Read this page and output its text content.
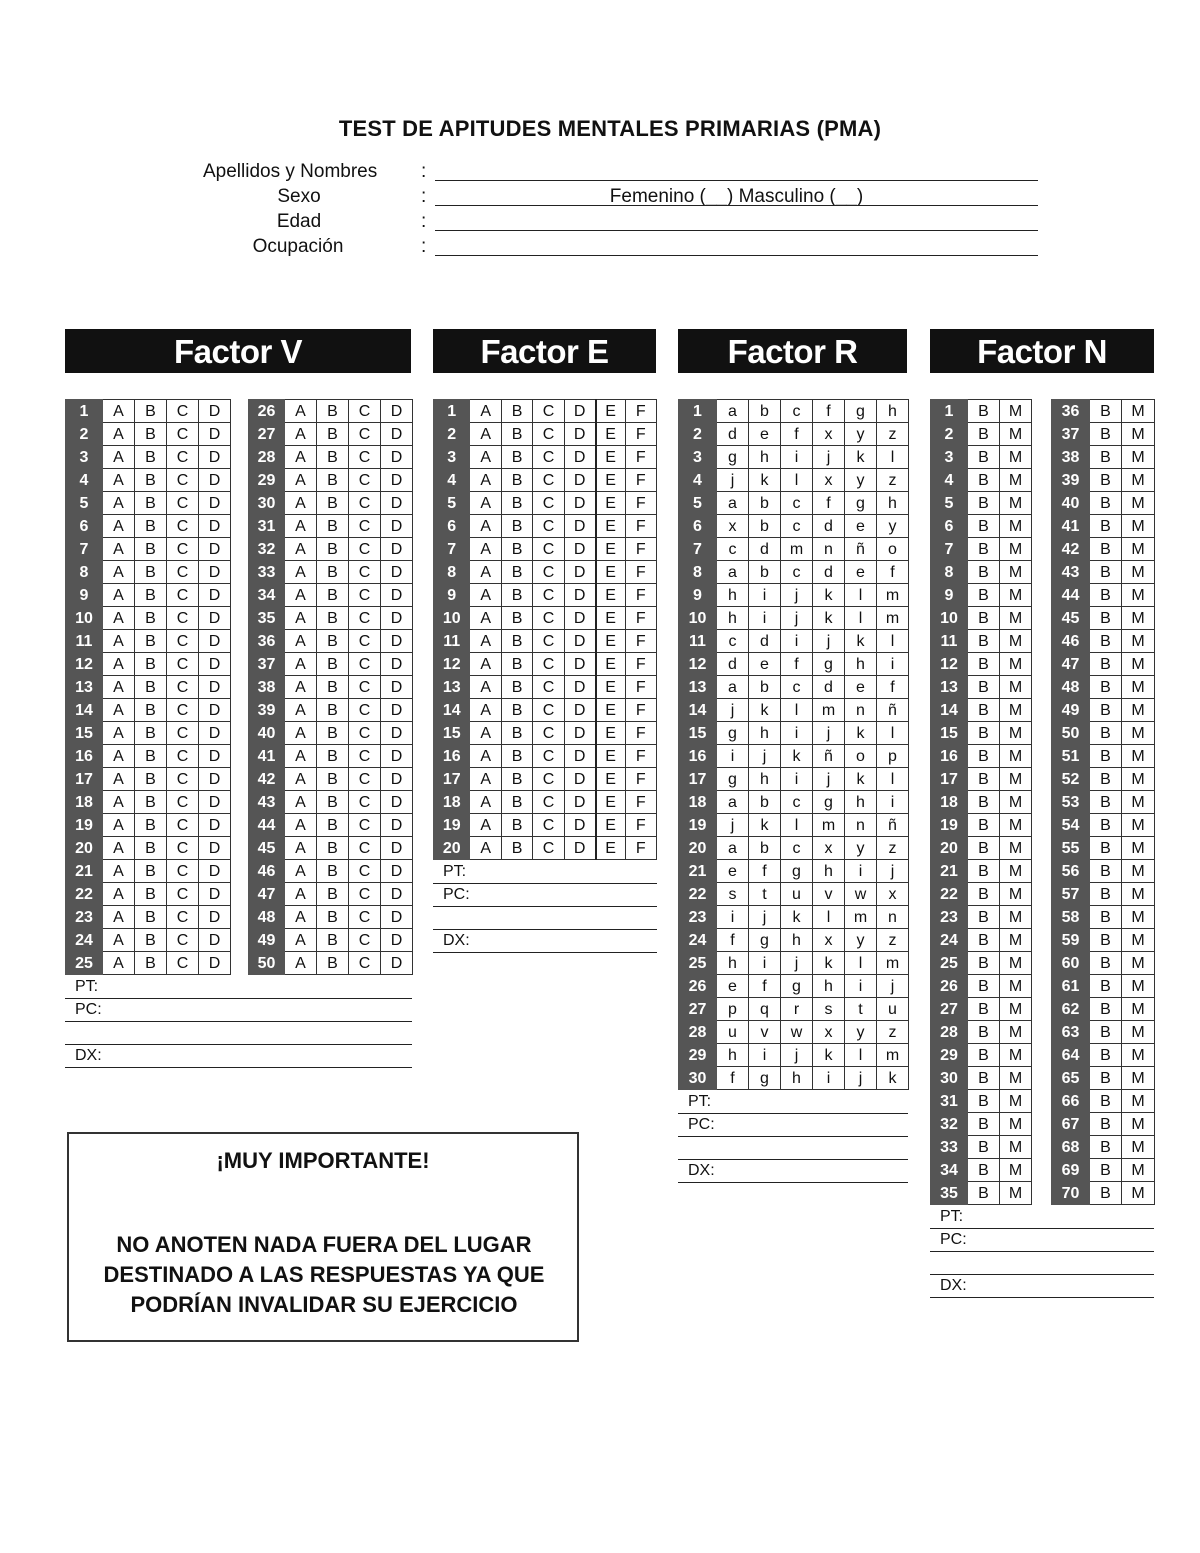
TEST DE APITUDES MENTALES PRIMARIAS (PMA)
Apellidos y Nombres	:
Sexo	:	Femenino (__) Masculino (__)
Edad	:
Ocupación	:
Factor V	Factor E	Factor R	Factor N
1	A	B	C	D		26	A	B	C	D
2	A	B	C	D		27	A	B	C	D
3	A	B	C	D		28	A	B	C	D
4	A	B	C	D		29	A	B	C	D
5	A	B	C	D		30	A	B	C	D
6	A	B	C	D		31	A	B	C	D
7	A	B	C	D		32	A	B	C	D
8	A	B	C	D		33	A	B	C	D
9	A	B	C	D		34	A	B	C	D
10	A	B	C	D		35	A	B	C	D
11	A	B	C	D		36	A	B	C	D
12	A	B	C	D		37	A	B	C	D
13	A	B	C	D		38	A	B	C	D
14	A	B	C	D		39	A	B	C	D
15	A	B	C	D		40	A	B	C	D
16	A	B	C	D		41	A	B	C	D
17	A	B	C	D		42	A	B	C	D
18	A	B	C	D		43	A	B	C	D
19	A	B	C	D		44	A	B	C	D
20	A	B	C	D		45	A	B	C	D
21	A	B	C	D		46	A	B	C	D
22	A	B	C	D		47	A	B	C	D
23	A	B	C	D		48	A	B	C	D
24	A	B	C	D		49	A	B	C	D
25	A	B	C	D		50	A	B	C	D
1	A	B	C	D	E	F
2	A	B	C	D	E	F
3	A	B	C	D	E	F
4	A	B	C	D	E	F
5	A	B	C	D	E	F
6	A	B	C	D	E	F
7	A	B	C	D	E	F
8	A	B	C	D	E	F
9	A	B	C	D	E	F
10	A	B	C	D	E	F
11	A	B	C	D	E	F
12	A	B	C	D	E	F
13	A	B	C	D	E	F
14	A	B	C	D	E	F
15	A	B	C	D	E	F
16	A	B	C	D	E	F
17	A	B	C	D	E	F
18	A	B	C	D	E	F
19	A	B	C	D	E	F
20	A	B	C	D	E	F
1	a	b	c	f	g	h
2	d	e	f	x	y	z
3	g	h	i	j	k	l
4	j	k	l	x	y	z
5	a	b	c	f	g	h
6	x	b	c	d	e	y
7	c	d	m	n	ñ	o
8	a	b	c	d	e	f
9	h	i	j	k	l	m
10	h	i	j	k	l	m
11	c	d	i	j	k	l
12	d	e	f	g	h	i
13	a	b	c	d	e	f
14	j	k	l	m	n	ñ
15	g	h	i	j	k	l
16	i	j	k	ñ	o	p
17	g	h	i	j	k	l
18	a	b	c	g	h	i
19	j	k	l	m	n	ñ
20	a	b	c	x	y	z
21	e	f	g	h	i	j
22	s	t	u	v	w	x
23	i	j	k	l	m	n
24	f	g	h	x	y	z
25	h	i	j	k	l	m
26	e	f	g	h	i	j
27	p	q	r	s	t	u
28	u	v	w	x	y	z
29	h	i	j	k	l	m
30	f	g	h	i	j	k
1	B	M		36	B	M
2	B	M		37	B	M
3	B	M		38	B	M
4	B	M		39	B	M
5	B	M		40	B	M
6	B	M		41	B	M
7	B	M		42	B	M
8	B	M		43	B	M
9	B	M		44	B	M
10	B	M		45	B	M
11	B	M		46	B	M
12	B	M		47	B	M
13	B	M		48	B	M
14	B	M		49	B	M
15	B	M		50	B	M
16	B	M		51	B	M
17	B	M		52	B	M
18	B	M		53	B	M
19	B	M		54	B	M
20	B	M		55	B	M
21	B	M		56	B	M
22	B	M		57	B	M
23	B	M		58	B	M
24	B	M		59	B	M
25	B	M		60	B	M
26	B	M		61	B	M
27	B	M		62	B	M
28	B	M		63	B	M
29	B	M		64	B	M
30	B	M		65	B	M
31	B	M		66	B	M
32	B	M		67	B	M
33	B	M		68	B	M
34	B	M		69	B	M
35	B	M		70	B	M
PT:
PC:
DX:
PT:
PC:
DX:
PT:
PC:
DX:
PT:
PC:
DX:
¡MUY IMPORTANTE!
NO ANOTEN NADA FUERA DEL LUGAR DESTINADO A LAS RESPUESTAS YA QUE PODRÍAN INVALIDAR SU EJERCICIO
